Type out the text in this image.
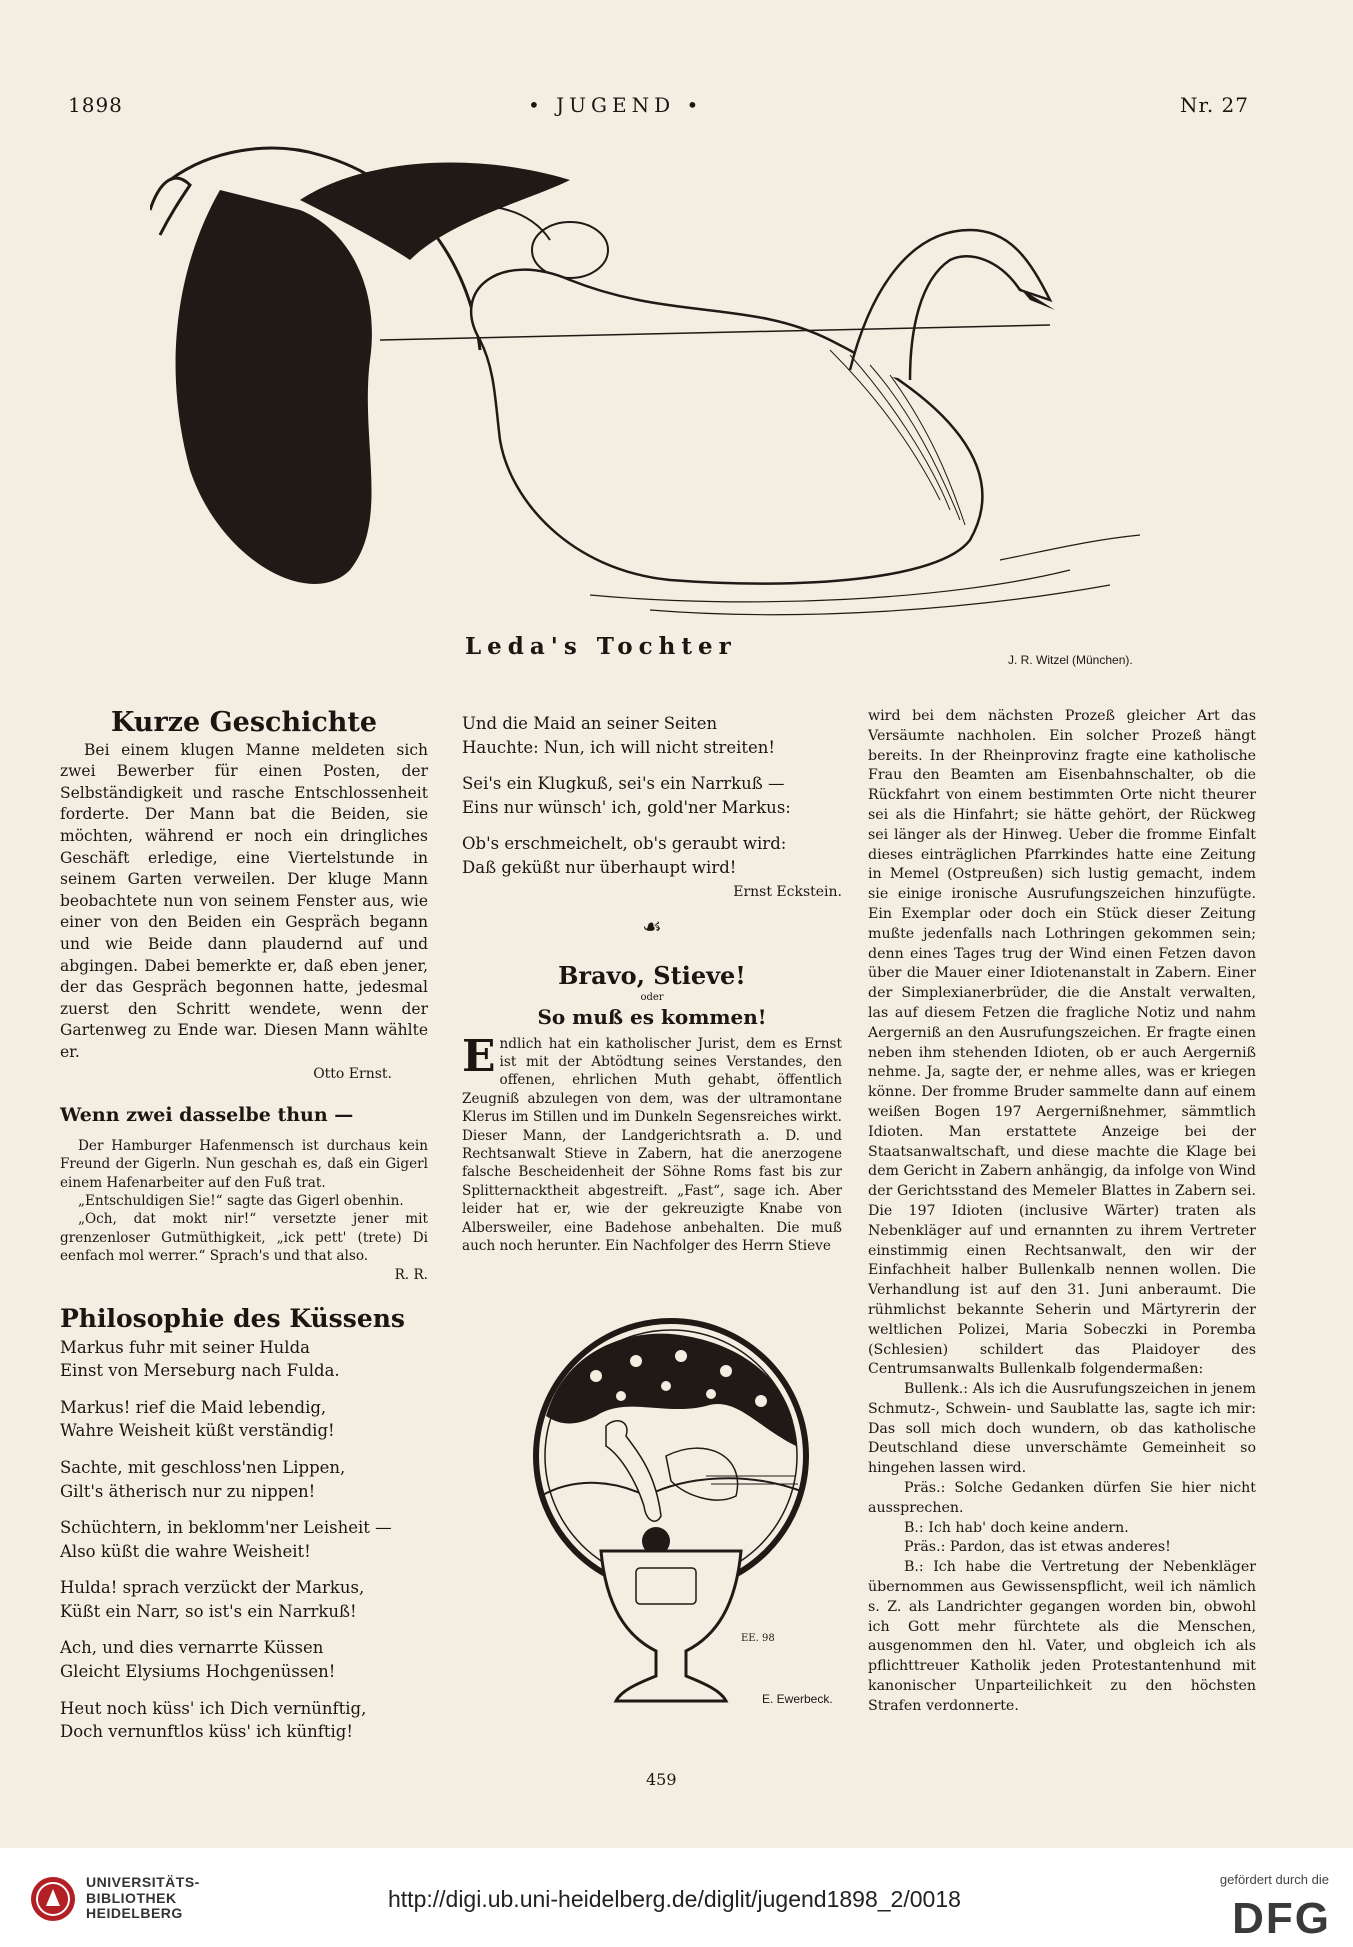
1898	• JUGEND •	Nr. 27
Leda's Tochter	J. R. Witzel (München).
Kurze Geschichte

Bei einem klugen Manne meldeten sich zwei Bewerber für einen Posten, der Selbständigkeit und rasche Entschlossenheit forderte. Der Mann bat die Beiden, sie möchten, während er noch ein dringliches Geschäft erledige, eine Viertelstunde in seinem Garten verweilen. Der kluge Mann beobachtete nun von seinem Fenster aus, wie einer von den Beiden ein Gespräch begann und wie Beide dann plaudernd auf und abgingen. Dabei bemerkte er, daß eben jener, der das Gespräch begonnen hatte, jedesmal zuerst den Schritt wendete, wenn der Gartenweg zu Ende war. Diesen Mann wählte er.

Otto Ernst.

Wenn zwei dasselbe thun —

Der Hamburger Hafenmensch ist durchaus kein Freund der Gigerln. Nun geschah es, daß ein Gigerl einem Hafenarbeiter auf den Fuß trat.

„Entschuldigen Sie!“ sagte das Gigerl obenhin.

„Och, dat mokt nir!“ versetzte jener mit grenzenloser Gutmüthigkeit, „ick pett' (trete) Di eenfach mol werrer.“ Sprach's und that also.

R. R.

Philosophie des Küssens

Markus fuhr mit seiner Hulda
Einst von Merseburg nach Fulda.

Markus! rief die Maid lebendig,
Wahre Weisheit küßt verständig!

Sachte, mit geschloss'nen Lippen,
Gilt's ätherisch nur zu nippen!

Schüchtern, in beklomm'ner Leisheit —
Also küßt die wahre Weisheit!

Hulda! sprach verzückt der Markus,
Küßt ein Narr, so ist's ein Narrkuß!

Ach, und dies vernarrte Küssen
Gleicht Elysiums Hochgenüssen!

Heut noch küss' ich Dich vernünftig,
Doch vernunftlos küss' ich künftig!

Und die Maid an seiner Seiten
Hauchte: Nun, ich will nicht streiten!

Sei's ein Klugkuß, sei's ein Narrkuß —
Eins nur wünsch' ich, gold'ner Markus:

Ob's erschmeichelt, ob's geraubt wird:
Daß geküßt nur überhaupt wird!

Ernst Eckstein.

☙
Bravo, Stieve!
oder
So muß es kommen!

Endlich hat ein katholischer Jurist, dem es Ernst ist mit der Abtödtung seines Verstandes, den offenen, ehrlichen Muth gehabt, öffentlich Zeugniß abzulegen von dem, was der ultramontane Klerus im Stillen und im Dunkeln Segensreiches wirkt. Dieser Mann, der Landgerichtsrath a. D. und Rechtsanwalt Stieve in Zabern, hat die anerzogene falsche Bescheidenheit der Söhne Roms fast bis zur Splitternacktheit abgestreift. „Fast“, sage ich. Aber leider hat er, wie der gekreuzigte Knabe von Albersweiler, eine Badehose anbehalten. Die muß auch noch herunter. Ein Nachfolger des Herrn Stieve

wird bei dem nächsten Prozeß gleicher Art das Versäumte nachholen. Ein solcher Prozeß hängt bereits. In der Rheinprovinz fragte eine katholische Frau den Beamten am Eisenbahnschalter, ob die Rückfahrt von einem bestimmten Orte nicht theurer sei als die Hinfahrt; sie hätte gehört, der Rückweg sei länger als der Hinweg. Ueber die fromme Einfalt dieses einträglichen Pfarrkindes hatte eine Zeitung in Memel (Ostpreußen) sich lustig gemacht, indem sie einige ironische Ausrufungszeichen hinzufügte. Ein Exemplar oder doch ein Stück dieser Zeitung mußte jedenfalls nach Lothringen gekommen sein; denn eines Tages trug der Wind einen Fetzen davon über die Mauer einer Idiotenanstalt in Zabern. Einer der Simplexianerbrüder, die die Anstalt verwalten, las auf diesem Fetzen die fragliche Notiz und nahm Aergerniß an den Ausrufungszeichen. Er fragte einen neben ihm stehenden Idioten, ob er auch Aergerniß nehme. Ja, sagte der, er nehme alles, was er kriegen könne. Der fromme Bruder sammelte dann auf einem weißen Bogen 197 Aergernißnehmer, sämmtlich Idioten. Man erstattete Anzeige bei der Staatsanwaltschaft, und diese machte die Klage bei dem Gericht in Zabern anhängig, da infolge von Wind der Gerichtsstand des Memeler Blattes in Zabern sei. Die 197 Idioten (inclusive Wärter) traten als Nebenkläger auf und ernannten zu ihrem Vertreter einstimmig einen Rechtsanwalt, den wir der Einfachheit halber Bullenkalb nennen wollen. Die Verhandlung ist auf den 31. Juni anberaumt. Die rühmlichst bekannte Seherin und Märtyrerin der weltlichen Polizei, Maria Sobeczki in Poremba (Schlesien) schildert das Plaidoyer des Centrumsanwalts Bullenkalb folgendermaßen:

Bullenk.: Als ich die Ausrufungszeichen in jenem Schmutz-, Schwein- und Saublatte las, sagte ich mir: Das soll mich doch wundern, ob das katholische Deutschland diese unverschämte Gemeinheit so hingehen lassen wird.

Präs.: Solche Gedanken dürfen Sie hier nicht aussprechen.

B.: Ich hab' doch keine andern.

Präs.: Pardon, das ist etwas anderes!

B.: Ich habe die Vertretung der Nebenkläger übernommen aus Gewissenspflicht, weil ich nämlich s. Z. als Landrichter gegangen worden bin, obwohl ich Gott mehr fürchtete als die Menschen, ausgenommen den hl. Vater, und obgleich ich als pflichttreuer Katholik jeden Protestantenhund mit kanonischer Unparteilichkeit zu den höchsten Strafen verdonnerte.

EE. 98
E. Ewerbeck.
459
UNIVERSITÄTS-
BIBLIOTHEK
HEIDELBERG
http://digi.ub.uni-heidelberg.de/diglit/jugend1898_2/0018
gefördert durch die
DFG
